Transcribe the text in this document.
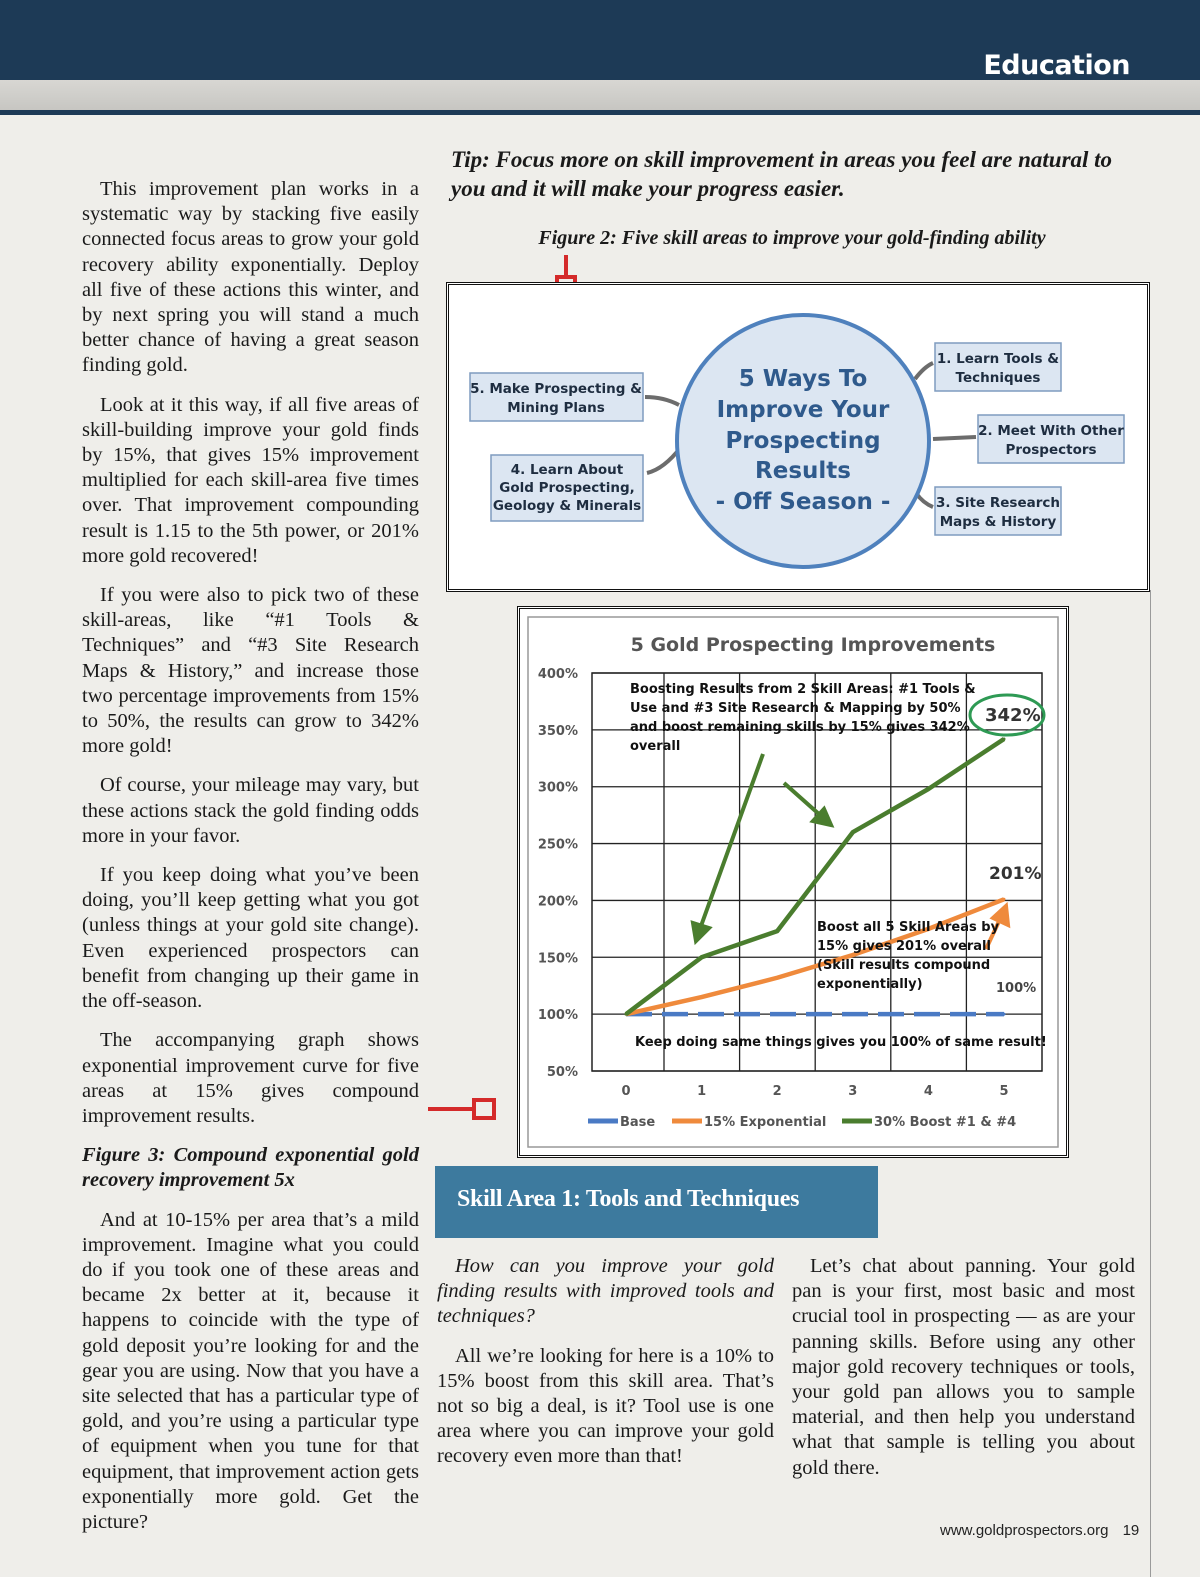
Education

This improvement plan works in a systematic way by stacking five easily connected focus areas to grow your gold recovery ability exponentially. Deploy all five of these actions this winter, and by next spring you will stand a much better chance of having a great season finding gold.

Look at it this way, if all five areas of skill-building improve your gold finds by 15%, that gives 15% improvement multiplied for each skill-area five times over. That improvement compounding result is 1.15 to the 5th power, or 201% more gold recovered!

If you were also to pick two of these skill-areas, like “#1 Tools & Techniques” and “#3 Site Research Maps & History,” and increase those two percentage improvements from 15% to 50%, the results can grow to 342% more gold!

Of course, your mileage may vary, but these actions stack the gold finding odds more in your favor.

If you keep doing what you’ve been doing, you’ll keep getting what you got (unless things at your gold site change). Even experienced prospectors can benefit from changing up their game in the off-season.

The accompanying graph shows exponential improvement curve for five areas at 15% gives compound improvement results.

Figure 3: Compound exponential gold recovery improvement 5x

And at 10-15% per area that’s a mild improvement. Imagine what you could do if you took one of these areas and became 2x better at it, because it happens to coincide with the type of gold deposit you’re looking for and the gear you are using. Now that you have a site selected that has a particular type of gold, and you’re using a particular type of equipment when you tune for that equipment, that improvement action gets exponentially more gold. Get the picture?

Tip: Focus more on skill improvement in areas you feel are natural to you and it will make your progress easier.
Figure 2: Five skill areas to improve your gold-finding ability
5 Ways To
Improve Your
Prospecting
Results
- Off Season -
1. Learn Tools &
Techniques
2. Meet With Other
Prospectors
3. Site Research
Maps & History
4. Learn About
Gold Prospecting,
Geology & Minerals
5. Make Prospecting &
Mining Plans
5 Gold Prospecting Improvements
50%
100%
150%
200%
250%
300%
350%
400%
0	1	2	3	4	5
Boosting Results from 2 Skill Areas: #1 Tools &
Use and #3 Site Research & Mapping by 50%
and boost remaining skills by 15% gives 342%
overall
Boost all 5 Skill Areas by
15% gives 201% overall
(Skill results compound
exponentially)
Keep doing same things gives you 100% of same result!
342%
201%
100%
Base	15% Exponential	30% Boost #1 & #4
Skill Area 1: Tools and Techniques

How can you improve your gold finding results with improved tools and techniques?

All we’re looking for here is a 10% to 15% boost from this skill area. That’s not so big a deal, is it? Tool use is one area where you can improve your gold recovery even more than that!

Let’s chat about panning. Your gold pan is your first, most basic and most crucial tool in prospecting — as are your panning skills. Before using any other major gold recovery techniques or tools, your gold pan allows you to sample material, and then help you understand what that sample is telling you about gold there.

www.goldprospectors.org 19
